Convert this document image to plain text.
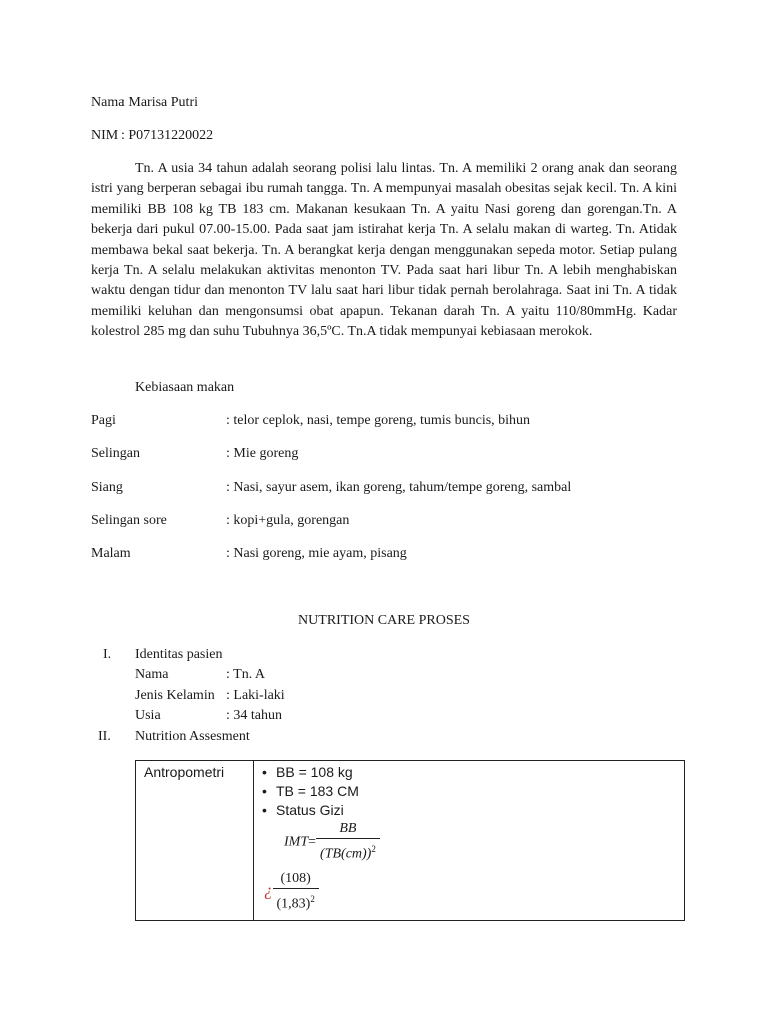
Nama
: Marisa Putri
NIM : P07131220022

Tn. A usia 34 tahun adalah seorang polisi lalu lintas. Tn. A memiliki 2 orang anak dan seorang istri yang berperan sebagai ibu rumah tangga. Tn. A mempunyai masalah obesitas sejak kecil. Tn. A kini memiliki BB 108 kg TB 183 cm. Makanan kesukaan Tn. A yaitu Nasi goreng dan gorengan.Tn. A bekerja dari pukul 07.00-15.00. Pada saat jam istirahat kerja Tn. A selalu makan di warteg. Tn. Atidak membawa bekal saat bekerja. Tn. A berangkat kerja dengan menggunakan sepeda motor. Setiap pulang kerja Tn. A selalu melakukan aktivitas menonton TV. Pada saat hari libur Tn. A lebih menghabiskan waktu dengan tidur dan menonton TV lalu saat hari libur tidak pernah berolahraga. Saat ini Tn. A tidak memiliki keluhan dan mengonsumsi obat apapun. Tekanan darah Tn. A yaitu 110/80mmHg. Kadar kolestrol 285 mg dan suhu Tubuhnya 36,5ºC. Tn.A tidak mempunyai kebiasaan merokok.

Kebiasaan makan
Pagi	: telor ceplok, nasi, tempe goreng, tumis buncis, bihun
Selingan	: Mie goreng
Siang	: Nasi, sayur asem, ikan goreng, tahum/tempe goreng, sambal
Selingan sore	: kopi+gula, gorengan
Malam	: Nasi goreng, mie ayam, pisang
NUTRITION CARE PROSES
I. Identitas pasien
Nama	: Tn. A
Jenis Kelamin : Laki-laki
Usia	: 34 tahun
II. Nutrition Assesment
Antropometri	• BB = 108 kg
• TB = 183 CM
• Status Gizi
$IMT= \frac{BB}{(TB(cm))^2}$
¿ $\frac{(108)}{(1,83)^2}$
